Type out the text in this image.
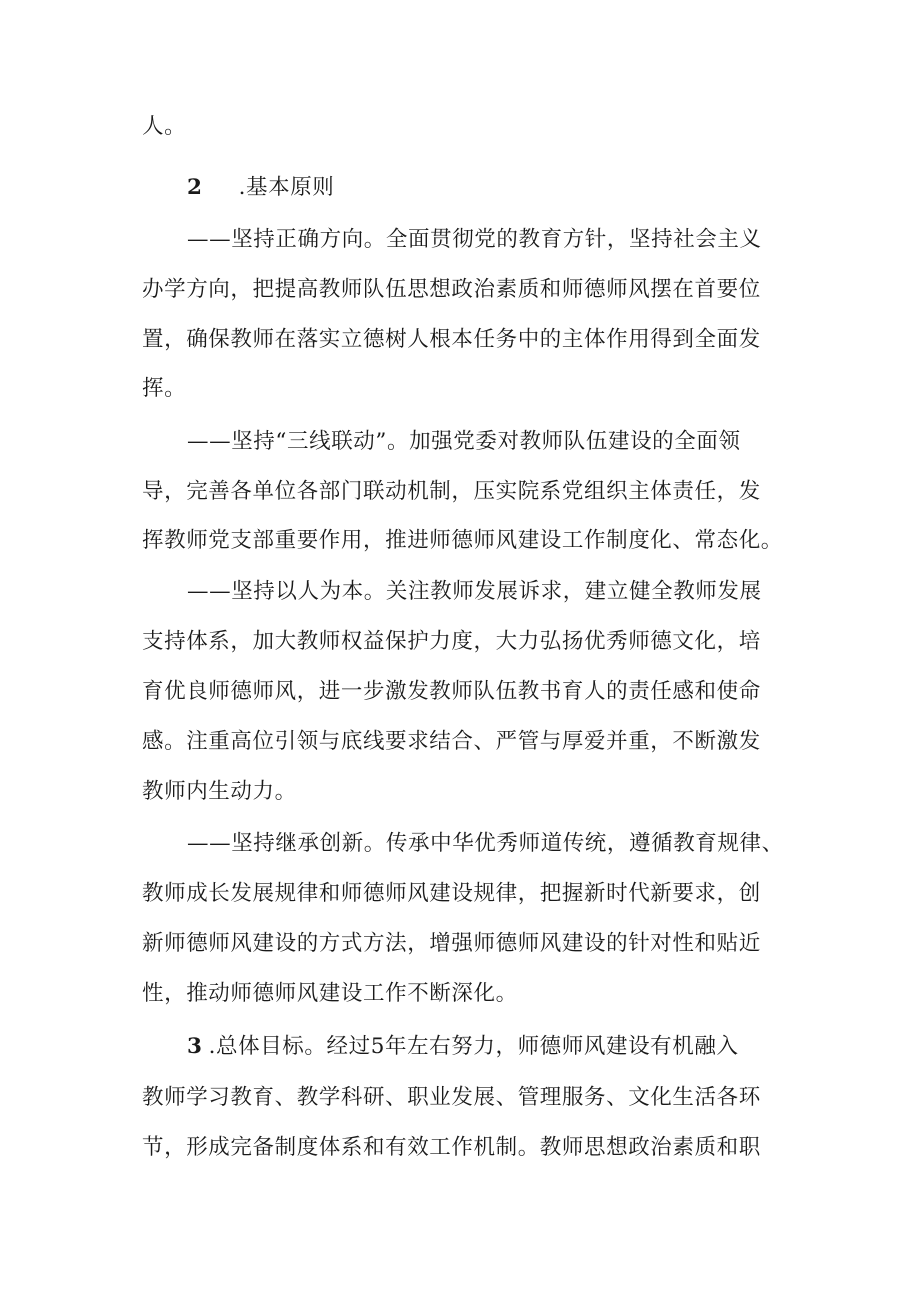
人。
2 .基本原则
——坚持正确方向。全面贯彻党的教育方针，坚持社会主义
办学方向，把提高教师队伍思想政治素质和师德师风摆在首要位
置，确保教师在落实立德树人根本任务中的主体作用得到全面发
挥。
——坚持“三线联动”。加强党委对教师队伍建设的全面领
导，完善各单位各部门联动机制，压实院系党组织主体责任，发
挥教师党支部重要作用，推进师德师风建设工作制度化、常态化。
——坚持以人为本。关注教师发展诉求，建立健全教师发展
支持体系，加大教师权益保护力度，大力弘扬优秀师德文化，培
育优良师德师风，进一步激发教师队伍教书育人的责任感和使命
感。注重高位引领与底线要求结合、严管与厚爱并重，不断激发
教师内生动力。
——坚持继承创新。传承中华优秀师道传统，遵循教育规律、
教师成长发展规律和师德师风建设规律，把握新时代新要求，创
新师德师风建设的方式方法，增强师德师风建设的针对性和贴近
性，推动师德师风建设工作不断深化。
3 .总体目标。经过5年左右努力，师德师风建设有机融入
教师学习教育、教学科研、职业发展、管理服务、文化生活各环
节，形成完备制度体系和有效工作机制。教师思想政治素质和职
